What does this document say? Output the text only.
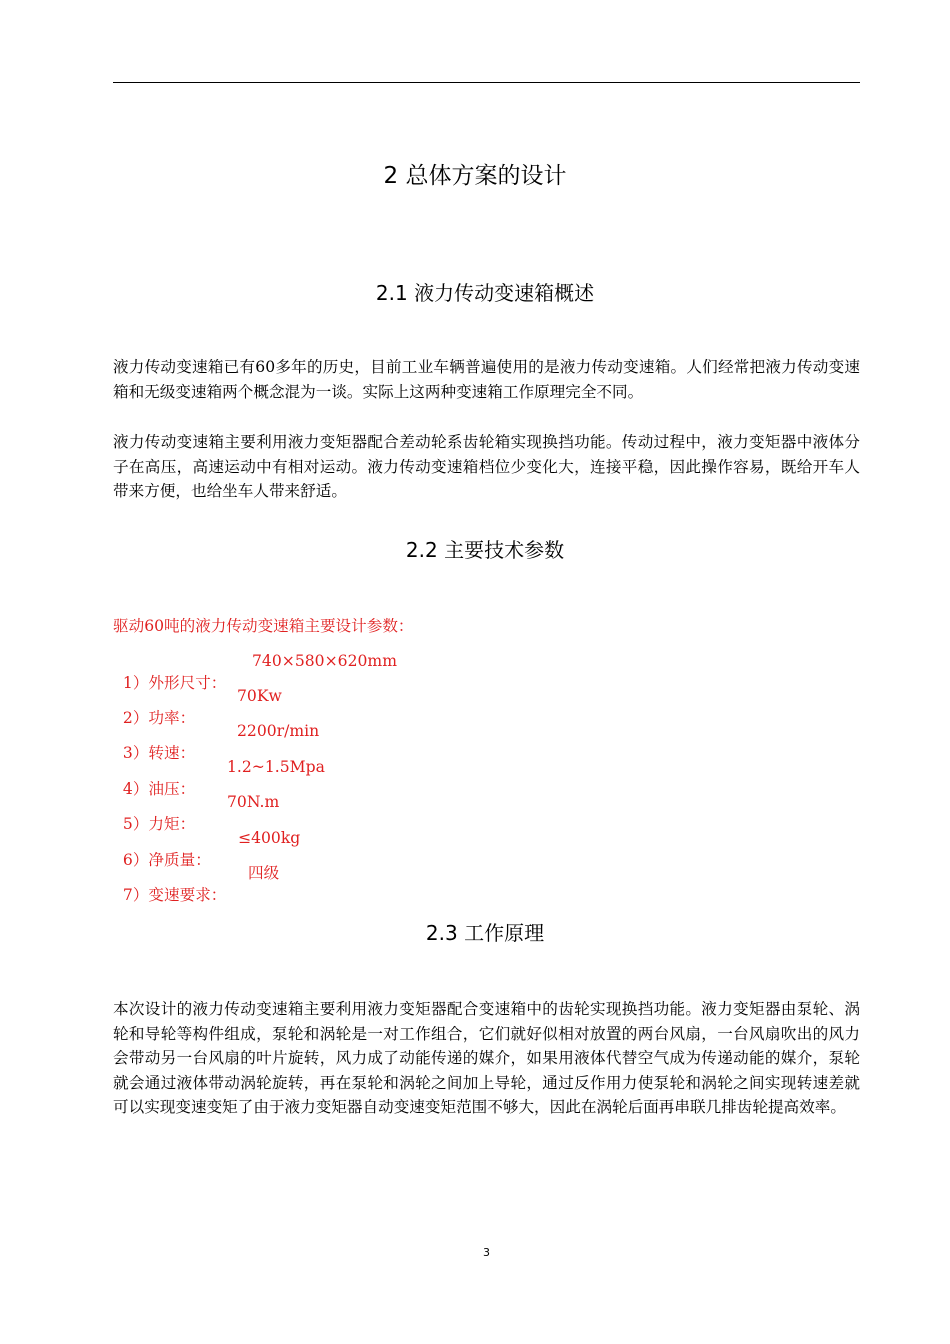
2 总体方案的设计
2.1 液力传动变速箱概述

液力传动变速箱已有60多年的历史，目前工业车辆普遍使用的是液力传动变速箱。人们经常把液力传动变速箱和无级变速箱两个概念混为一谈。实际上这两种变速箱工作原理完全不同。

液力传动变速箱主要利用液力变矩器配合差动轮系齿轮箱实现换挡功能。传动过程中，液力变矩器中液体分子在高压，高速运动中有相对运动。液力传动变速箱档位少变化大，连接平稳，因此操作容易，既给开车人带来方便，也给坐车人带来舒适。

2.2 主要技术参数

驱动60吨的液力传动变速箱主要设计参数：

1）外形尺寸：

740×580×620mm

2）功率：

70Kw

3）转速：

2200r/min

4）油压：

1.2~1.5Mpa

5）力矩：

70N.m

6）净质量：

≤400kg

7）变速要求：

四级

2.3 工作原理

本次设计的液力传动变速箱主要利用液力变矩器配合变速箱中的齿轮实现换挡功能。液力变矩器由泵轮、涡轮和导轮等构件组成，泵轮和涡轮是一对工作组合，它们就好似相对放置的两台风扇，一台风扇吹出的风力会带动另一台风扇的叶片旋转，风力成了动能传递的媒介，如果用液体代替空气成为传递动能的媒介，泵轮就会通过液体带动涡轮旋转，再在泵轮和涡轮之间加上导轮，通过反作用力使泵轮和涡轮之间实现转速差就可以实现变速变矩了由于液力变矩器自动变速变矩范围不够大，因此在涡轮后面再串联几排齿轮提高效率。

3
